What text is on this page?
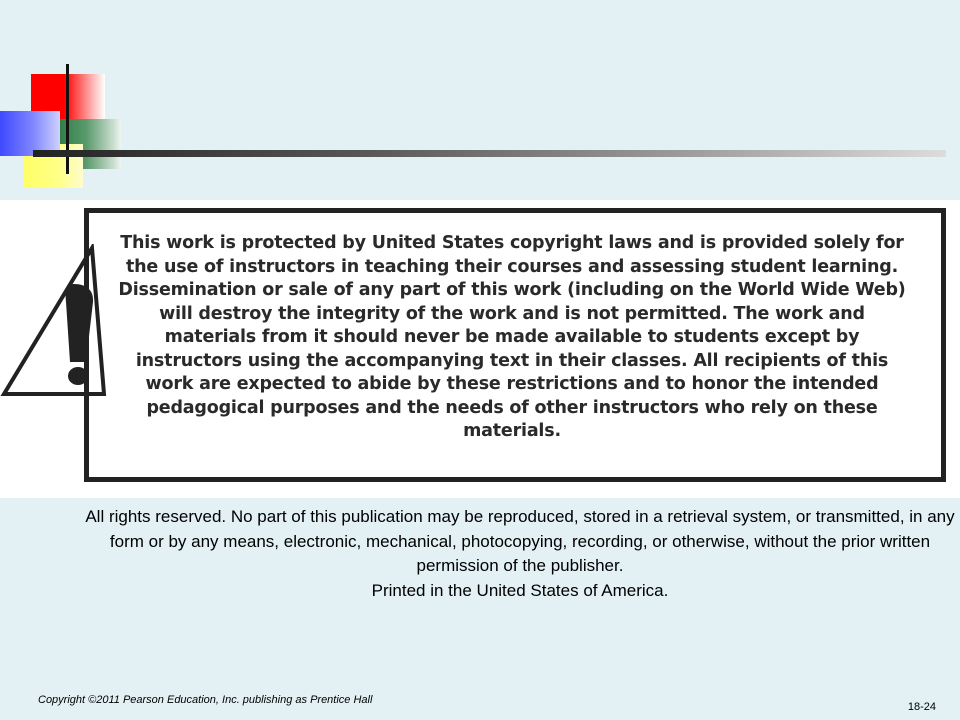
This work is protected by United States copyright laws and is provided solely for the use of instructors in teaching their courses and assessing student learning. Dissemination or sale of any part of this work (including on the World Wide Web) will destroy the integrity of the work and is not permitted. The work and materials from it should never be made available to students except by instructors using the accompanying text in their classes. All recipients of this work are expected to abide by these restrictions and to honor the intended pedagogical purposes and the needs of other instructors who rely on these materials.
All rights reserved. No part of this publication may be reproduced, stored in a retrieval system, or transmitted, in any form or by any means, electronic, mechanical, photocopying, recording, or otherwise, without the prior written permission of the publisher.
Printed in the United States of America.
Copyright ©2011 Pearson Education, Inc. publishing as Prentice Hall
18-24
